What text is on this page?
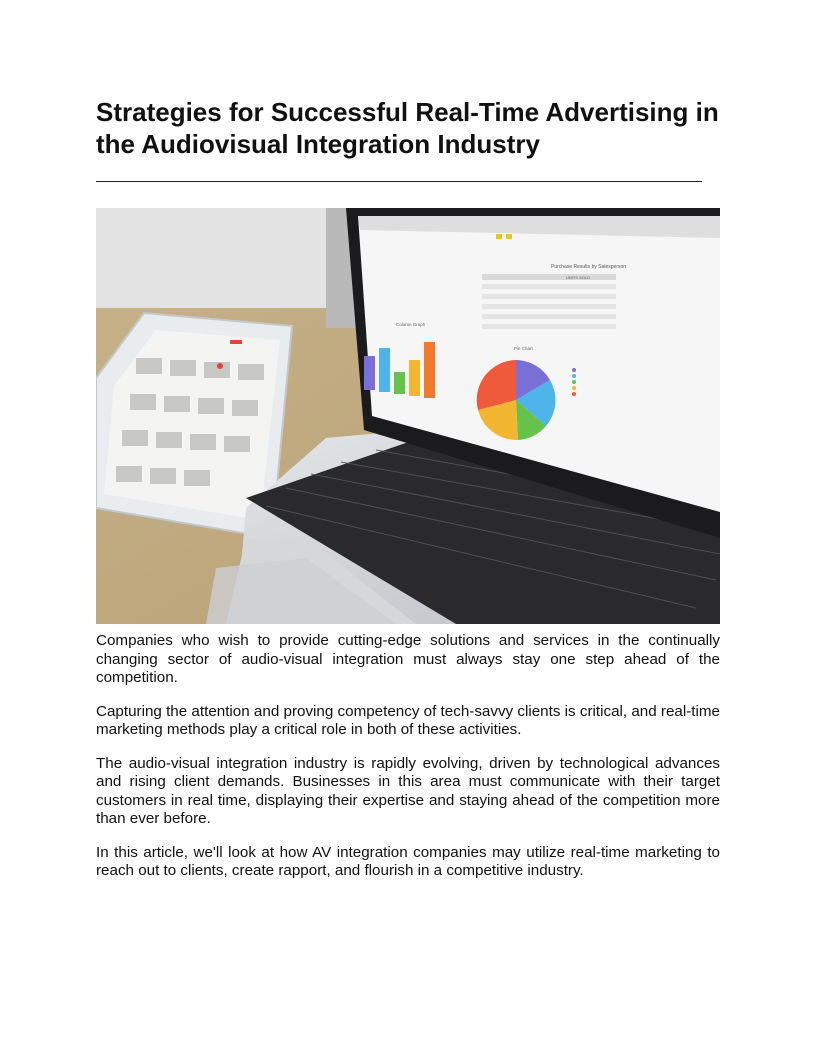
Strategies for Successful Real-Time Advertising in the Audiovisual Integration Industry
Purchase Results by Salesperson
UNITS SOLD
Column Graph
Pie Chart

Companies who wish to provide cutting-edge solutions and services in the continually changing sector of audio-visual integration must always stay one step ahead of the competition.

Capturing the attention and proving competency of tech-savvy clients is critical, and real-time marketing methods play a critical role in both of these activities.

The audio-visual integration industry is rapidly evolving, driven by technological advances and rising client demands. Businesses in this area must communicate with their target customers in real time, displaying their expertise and staying ahead of the competition more than ever before.

In this article, we'll look at how AV integration companies may utilize real-time marketing to reach out to clients, create rapport, and flourish in a competitive industry.
